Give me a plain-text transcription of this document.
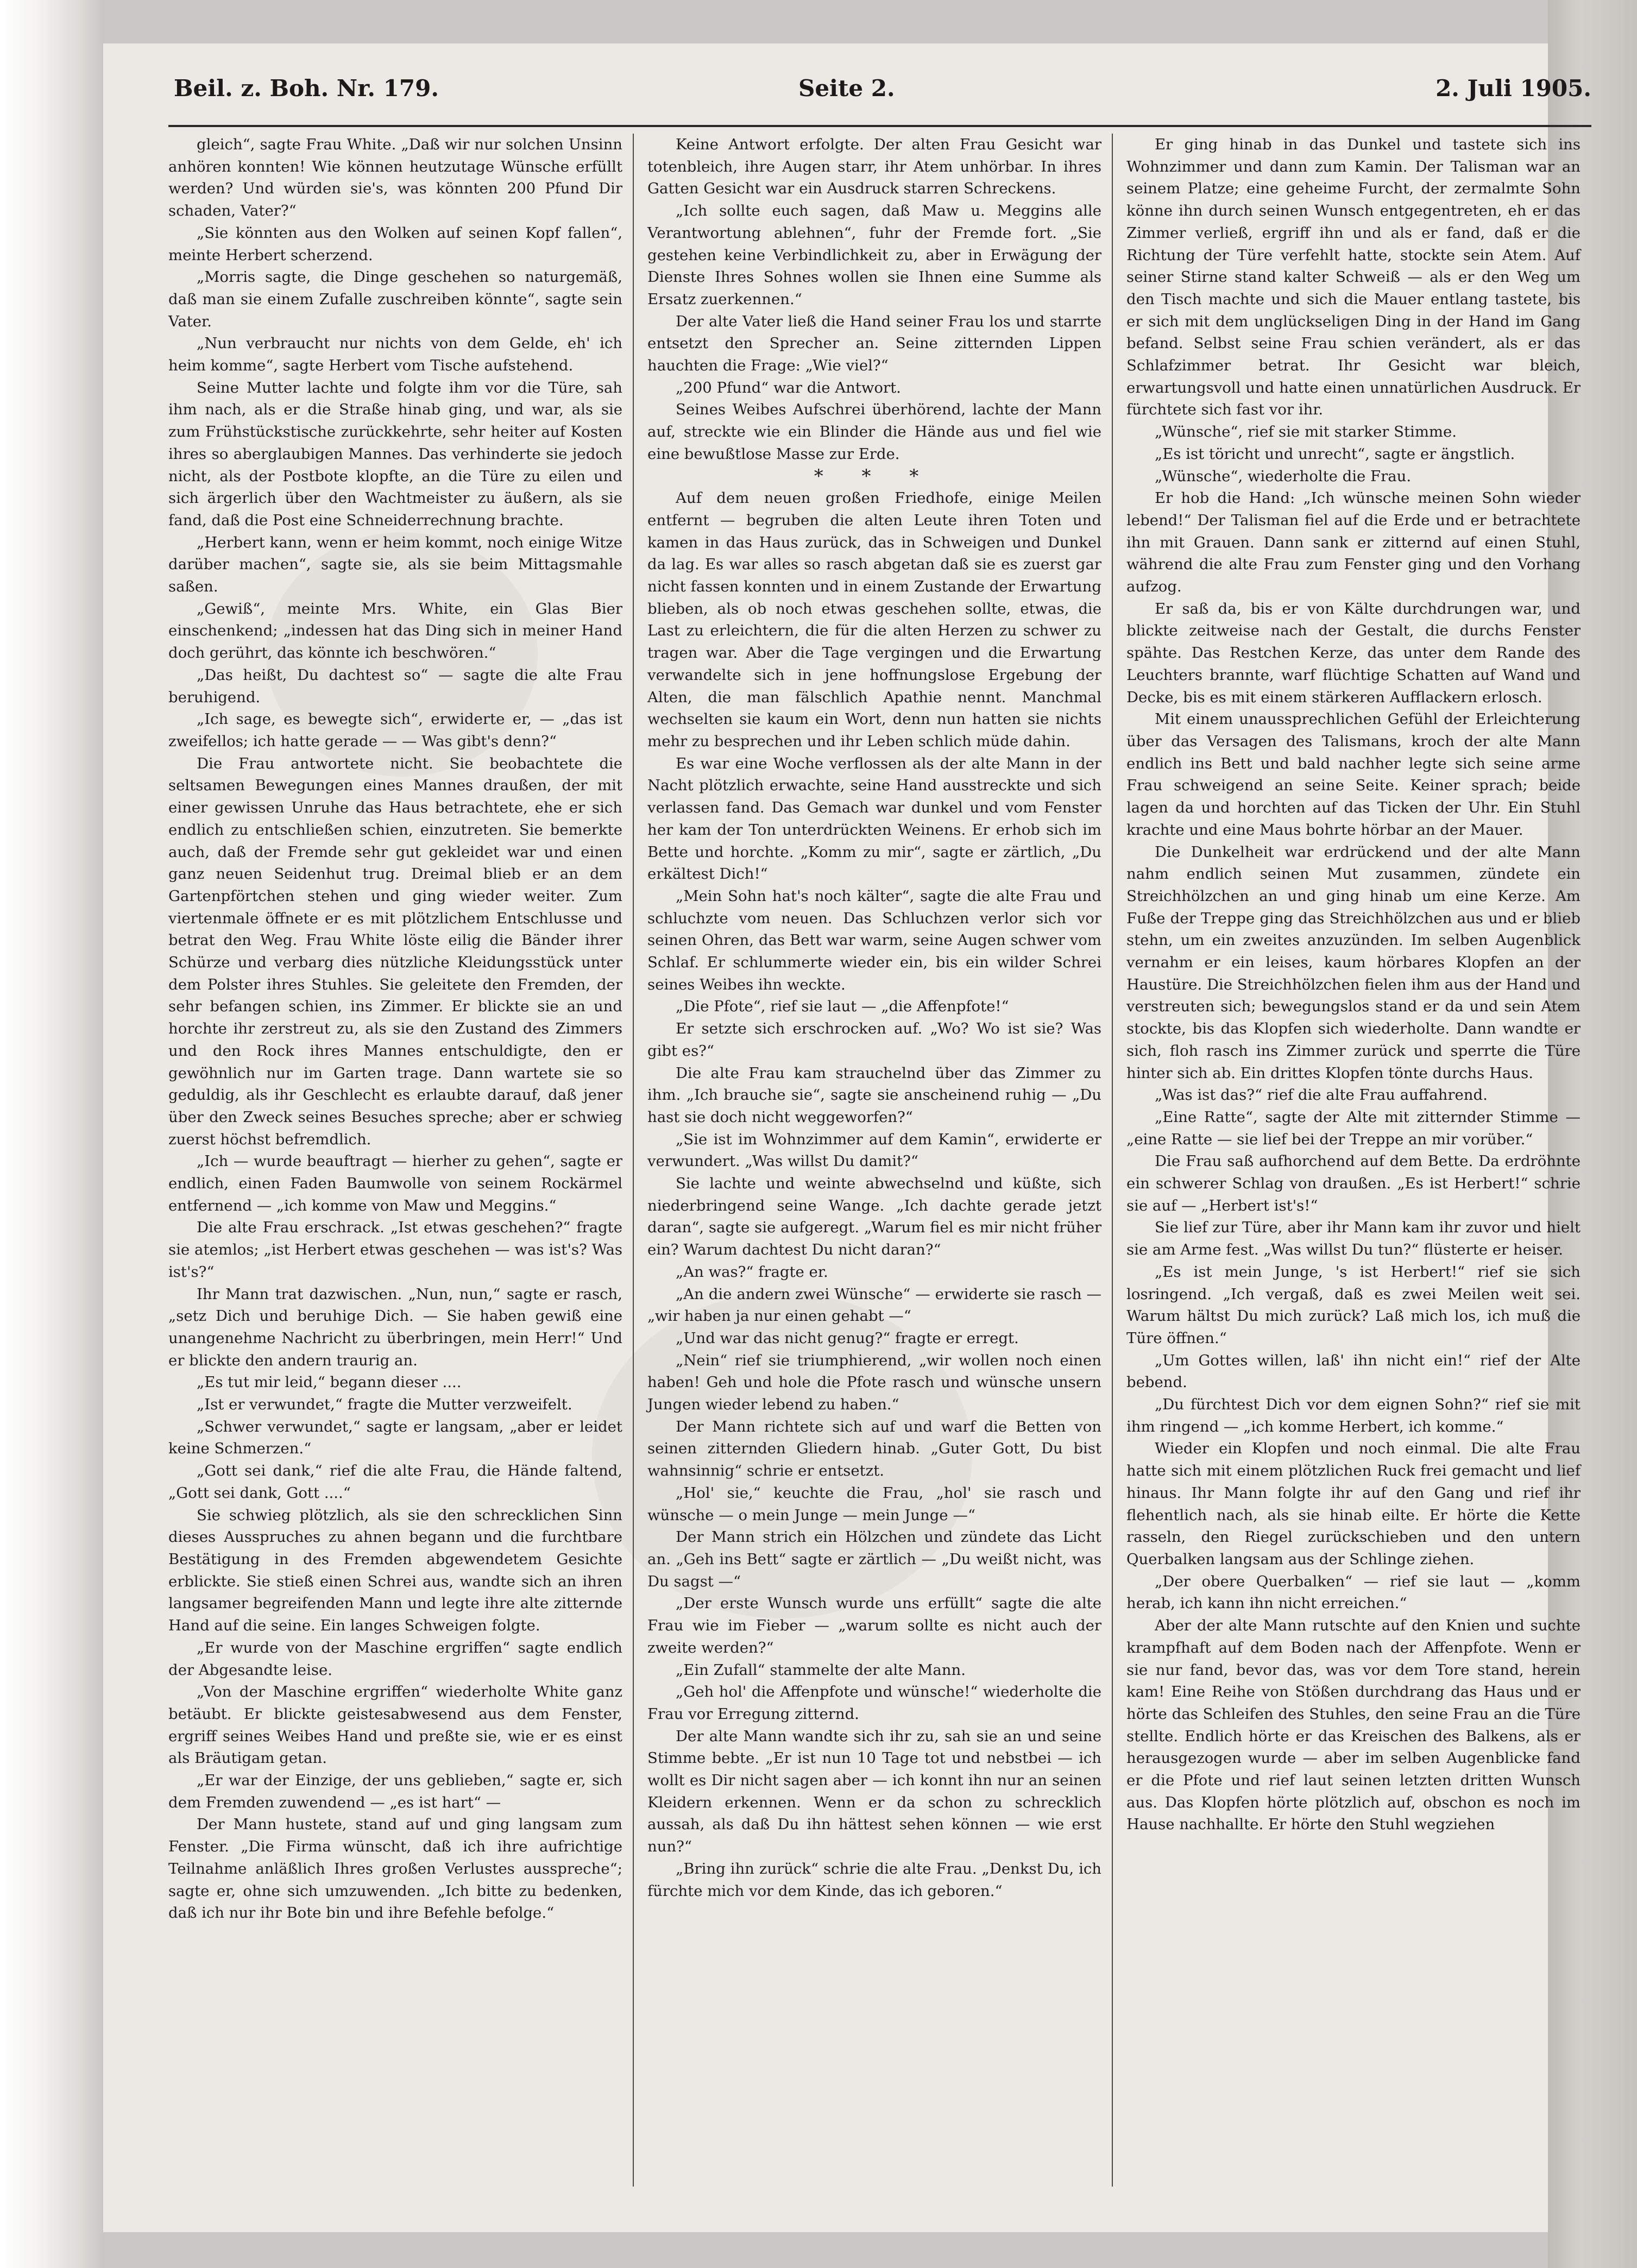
Beil. z. Boh. Nr. 179.	Seite 2.	2. Juli 1905.

gleich“, sagte Frau White. „Daß wir nur solchen Unsinn anhören konnten! Wie können heutzutage Wünsche erfüllt werden? Und würden sie's, was könnten 200 Pfund Dir schaden, Vater?“

„Sie könnten aus den Wolken auf seinen Kopf fallen“, meinte Herbert scherzend.

„Morris sagte, die Dinge geschehen so naturgemäß, daß man sie einem Zufalle zuschreiben könnte“, sagte sein Vater.

„Nun verbraucht nur nichts von dem Gelde, eh' ich heim komme“, sagte Herbert vom Tische aufstehend.

Seine Mutter lachte und folgte ihm vor die Türe, sah ihm nach, als er die Straße hinab ging, und war, als sie zum Frühstückstische zurückkehrte, sehr heiter auf Kosten ihres so aberglaubigen Mannes. Das verhinderte sie jedoch nicht, als der Postbote klopfte, an die Türe zu eilen und sich ärgerlich über den Wachtmeister zu äußern, als sie fand, daß die Post eine Schneiderrechnung brachte.

„Herbert kann, wenn er heim kommt, noch einige Witze darüber machen“, sagte sie, als sie beim Mittagsmahle saßen.

„Gewiß“, meinte Mrs. White, ein Glas Bier einschenkend; „indessen hat das Ding sich in meiner Hand doch gerührt, das könnte ich beschwören.“

„Das heißt, Du dachtest so“ — sagte die alte Frau beruhigend.

„Ich sage, es bewegte sich“, erwiderte er, — „das ist zweifellos; ich hatte gerade — — Was gibt's denn?“

Die Frau antwortete nicht. Sie beobachtete die seltsamen Bewegungen eines Mannes draußen, der mit einer gewissen Unruhe das Haus betrachtete, ehe er sich endlich zu entschließen schien, einzutreten. Sie bemerkte auch, daß der Fremde sehr gut gekleidet war und einen ganz neuen Seidenhut trug. Dreimal blieb er an dem Gartenpförtchen stehen und ging wieder weiter. Zum viertenmale öffnete er es mit plötzlichem Entschlusse und betrat den Weg. Frau White löste eilig die Bänder ihrer Schürze und verbarg dies nützliche Kleidungsstück unter dem Polster ihres Stuhles. Sie geleitete den Fremden, der sehr befangen schien, ins Zimmer. Er blickte sie an und horchte ihr zerstreut zu, als sie den Zustand des Zimmers und den Rock ihres Mannes entschuldigte, den er gewöhnlich nur im Garten trage. Dann wartete sie so geduldig, als ihr Geschlecht es erlaubte darauf, daß jener über den Zweck seines Besuches spreche; aber er schwieg zuerst höchst befremdlich.

„Ich — wurde beauftragt — hierher zu gehen“, sagte er endlich, einen Faden Baumwolle von seinem Rockärmel entfernend — „ich komme von Maw und Meggins.“

Die alte Frau erschrack. „Ist etwas geschehen?“ fragte sie atemlos; „ist Herbert etwas geschehen — was ist's? Was ist's?“

Ihr Mann trat dazwischen. „Nun, nun,“ sagte er rasch, „setz Dich und beruhige Dich. — Sie haben gewiß eine unangenehme Nachricht zu überbringen, mein Herr!“ Und er blickte den andern traurig an.

„Es tut mir leid,“ begann dieser ....

„Ist er verwundet,“ fragte die Mutter verzweifelt.

„Schwer verwundet,“ sagte er langsam, „aber er leidet keine Schmerzen.“

„Gott sei dank,“ rief die alte Frau, die Hände faltend, „Gott sei dank, Gott ....“

Sie schwieg plötzlich, als sie den schrecklichen Sinn dieses Ausspruches zu ahnen begann und die furchtbare Bestätigung in des Fremden abgewendetem Gesichte erblickte. Sie stieß einen Schrei aus, wandte sich an ihren langsamer begreifenden Mann und legte ihre alte zitternde Hand auf die seine. Ein langes Schweigen folgte.

„Er wurde von der Maschine ergriffen“ sagte endlich der Abgesandte leise.

„Von der Maschine ergriffen“ wiederholte White ganz betäubt. Er blickte geistesabwesend aus dem Fenster, ergriff seines Weibes Hand und preßte sie, wie er es einst als Bräutigam getan.

„Er war der Einzige, der uns geblieben,“ sagte er, sich dem Fremden zuwendend — „es ist hart“ —

Der Mann hustete, stand auf und ging langsam zum Fenster. „Die Firma wünscht, daß ich ihre aufrichtige Teilnahme anläßlich Ihres großen Verlustes ausspreche“; sagte er, ohne sich umzuwenden. „Ich bitte zu bedenken, daß ich nur ihr Bote bin und ihre Befehle befolge.“

Keine Antwort erfolgte. Der alten Frau Gesicht war totenbleich, ihre Augen starr, ihr Atem unhörbar. In ihres Gatten Gesicht war ein Ausdruck starren Schreckens.

„Ich sollte euch sagen, daß Maw u. Meggins alle Verantwortung ablehnen“, fuhr der Fremde fort. „Sie gestehen keine Verbindlichkeit zu, aber in Erwägung der Dienste Ihres Sohnes wollen sie Ihnen eine Summe als Ersatz zuerkennen.“

Der alte Vater ließ die Hand seiner Frau los und starrte entsetzt den Sprecher an. Seine zitternden Lippen hauchten die Frage: „Wie viel?“

„200 Pfund“ war die Antwort.

Seines Weibes Aufschrei überhörend, lachte der Mann auf, streckte wie ein Blinder die Hände aus und fiel wie eine bewußtlose Masse zur Erde.

* * *

Auf dem neuen großen Friedhofe, einige Meilen entfernt — begruben die alten Leute ihren Toten und kamen in das Haus zurück, das in Schweigen und Dunkel da lag. Es war alles so rasch abgetan daß sie es zuerst gar nicht fassen konnten und in einem Zustande der Erwartung blieben, als ob noch etwas geschehen sollte, etwas, die Last zu erleichtern, die für die alten Herzen zu schwer zu tragen war. Aber die Tage vergingen und die Erwartung verwandelte sich in jene hoffnungslose Ergebung der Alten, die man fälschlich Apathie nennt. Manchmal wechselten sie kaum ein Wort, denn nun hatten sie nichts mehr zu besprechen und ihr Leben schlich müde dahin.

Es war eine Woche verflossen als der alte Mann in der Nacht plötzlich erwachte, seine Hand ausstreckte und sich verlassen fand. Das Gemach war dunkel und vom Fenster her kam der Ton unterdrückten Weinens. Er erhob sich im Bette und horchte. „Komm zu mir“, sagte er zärtlich, „Du erkältest Dich!“

„Mein Sohn hat's noch kälter“, sagte die alte Frau und schluchzte vom neuen. Das Schluchzen verlor sich vor seinen Ohren, das Bett war warm, seine Augen schwer vom Schlaf. Er schlummerte wieder ein, bis ein wilder Schrei seines Weibes ihn weckte.

„Die Pfote“, rief sie laut — „die Affenpfote!“

Er setzte sich erschrocken auf. „Wo? Wo ist sie? Was gibt es?“

Die alte Frau kam strauchelnd über das Zimmer zu ihm. „Ich brauche sie“, sagte sie anscheinend ruhig — „Du hast sie doch nicht weggeworfen?“

„Sie ist im Wohnzimmer auf dem Kamin“, erwiderte er verwundert. „Was willst Du damit?“

Sie lachte und weinte abwechselnd und küßte, sich niederbringend seine Wange. „Ich dachte gerade jetzt daran“, sagte sie aufgeregt. „Warum fiel es mir nicht früher ein? Warum dachtest Du nicht daran?“

„An was?“ fragte er.

„An die andern zwei Wünsche“ — erwiderte sie rasch — „wir haben ja nur einen gehabt —“

„Und war das nicht genug?“ fragte er erregt.

„Nein“ rief sie triumphierend, „wir wollen noch einen haben! Geh und hole die Pfote rasch und wünsche unsern Jungen wieder lebend zu haben.“

Der Mann richtete sich auf und warf die Betten von seinen zitternden Gliedern hinab. „Guter Gott, Du bist wahnsinnig“ schrie er entsetzt.

„Hol' sie,“ keuchte die Frau, „hol' sie rasch und wünsche — o mein Junge — mein Junge —“

Der Mann strich ein Hölzchen und zündete das Licht an. „Geh ins Bett“ sagte er zärtlich — „Du weißt nicht, was Du sagst —“

„Der erste Wunsch wurde uns erfüllt“ sagte die alte Frau wie im Fieber — „warum sollte es nicht auch der zweite werden?“

„Ein Zufall“ stammelte der alte Mann.

„Geh hol' die Affenpfote und wünsche!“ wiederholte die Frau vor Erregung zitternd.

Der alte Mann wandte sich ihr zu, sah sie an und seine Stimme bebte. „Er ist nun 10 Tage tot und nebstbei — ich wollt es Dir nicht sagen aber — ich konnt ihn nur an seinen Kleidern erkennen. Wenn er da schon zu schrecklich aussah, als daß Du ihn hättest sehen können — wie erst nun?“

„Bring ihn zurück“ schrie die alte Frau. „Denkst Du, ich fürchte mich vor dem Kinde, das ich geboren.“

Er ging hinab in das Dunkel und tastete sich ins Wohnzimmer und dann zum Kamin. Der Talisman war an seinem Platze; eine geheime Furcht, der zermalmte Sohn könne ihn durch seinen Wunsch entgegentreten, eh er das Zimmer verließ, ergriff ihn und als er fand, daß er die Richtung der Türe verfehlt hatte, stockte sein Atem. Auf seiner Stirne stand kalter Schweiß — als er den Weg um den Tisch machte und sich die Mauer entlang tastete, bis er sich mit dem unglückseligen Ding in der Hand im Gang befand. Selbst seine Frau schien verändert, als er das Schlafzimmer betrat. Ihr Gesicht war bleich, erwartungsvoll und hatte einen unnatürlichen Ausdruck. Er fürchtete sich fast vor ihr.

„Wünsche“, rief sie mit starker Stimme.

„Es ist töricht und unrecht“, sagte er ängstlich.

„Wünsche“, wiederholte die Frau.

Er hob die Hand: „Ich wünsche meinen Sohn wieder lebend!“ Der Talisman fiel auf die Erde und er betrachtete ihn mit Grauen. Dann sank er zitternd auf einen Stuhl, während die alte Frau zum Fenster ging und den Vorhang aufzog.

Er saß da, bis er von Kälte durchdrungen war, und blickte zeitweise nach der Gestalt, die durchs Fenster spähte. Das Restchen Kerze, das unter dem Rande des Leuchters brannte, warf flüchtige Schatten auf Wand und Decke, bis es mit einem stärkeren Aufflackern erlosch.

Mit einem unaussprechlichen Gefühl der Erleichterung über das Versagen des Talismans, kroch der alte Mann endlich ins Bett und bald nachher legte sich seine arme Frau schweigend an seine Seite. Keiner sprach; beide lagen da und horchten auf das Ticken der Uhr. Ein Stuhl krachte und eine Maus bohrte hörbar an der Mauer.

Die Dunkelheit war erdrückend und der alte Mann nahm endlich seinen Mut zusammen, zündete ein Streichhölzchen an und ging hinab um eine Kerze. Am Fuße der Treppe ging das Streichhölzchen aus und er blieb stehn, um ein zweites anzuzünden. Im selben Augenblick vernahm er ein leises, kaum hörbares Klopfen an der Haustüre. Die Streichhölzchen fielen ihm aus der Hand und verstreuten sich; bewegungslos stand er da und sein Atem stockte, bis das Klopfen sich wiederholte. Dann wandte er sich, floh rasch ins Zimmer zurück und sperrte die Türe hinter sich ab. Ein drittes Klopfen tönte durchs Haus.

„Was ist das?“ rief die alte Frau auffahrend.

„Eine Ratte“, sagte der Alte mit zitternder Stimme — „eine Ratte — sie lief bei der Treppe an mir vorüber.“

Die Frau saß aufhorchend auf dem Bette. Da erdröhnte ein schwerer Schlag von draußen. „Es ist Herbert!“ schrie sie auf — „Herbert ist's!“

Sie lief zur Türe, aber ihr Mann kam ihr zuvor und hielt sie am Arme fest. „Was willst Du tun?“ flüsterte er heiser.

„Es ist mein Junge, 's ist Herbert!“ rief sie sich losringend. „Ich vergaß, daß es zwei Meilen weit sei. Warum hältst Du mich zurück? Laß mich los, ich muß die Türe öffnen.“

„Um Gottes willen, laß' ihn nicht ein!“ rief der Alte bebend.

„Du fürchtest Dich vor dem eignen Sohn?“ rief sie mit ihm ringend — „ich komme Herbert, ich komme.“

Wieder ein Klopfen und noch einmal. Die alte Frau hatte sich mit einem plötzlichen Ruck frei gemacht und lief hinaus. Ihr Mann folgte ihr auf den Gang und rief ihr flehentlich nach, als sie hinab eilte. Er hörte die Kette rasseln, den Riegel zurückschieben und den untern Querbalken langsam aus der Schlinge ziehen.

„Der obere Querbalken“ — rief sie laut — „komm herab, ich kann ihn nicht erreichen.“

Aber der alte Mann rutschte auf den Knien und suchte krampfhaft auf dem Boden nach der Affenpfote. Wenn er sie nur fand, bevor das, was vor dem Tore stand, herein kam! Eine Reihe von Stößen durchdrang das Haus und er hörte das Schleifen des Stuhles, den seine Frau an die Türe stellte. Endlich hörte er das Kreischen des Balkens, als er herausgezogen wurde — aber im selben Augenblicke fand er die Pfote und rief laut seinen letzten dritten Wunsch aus. Das Klopfen hörte plötzlich auf, obschon es noch im Hause nachhallte. Er hörte den Stuhl wegziehen
